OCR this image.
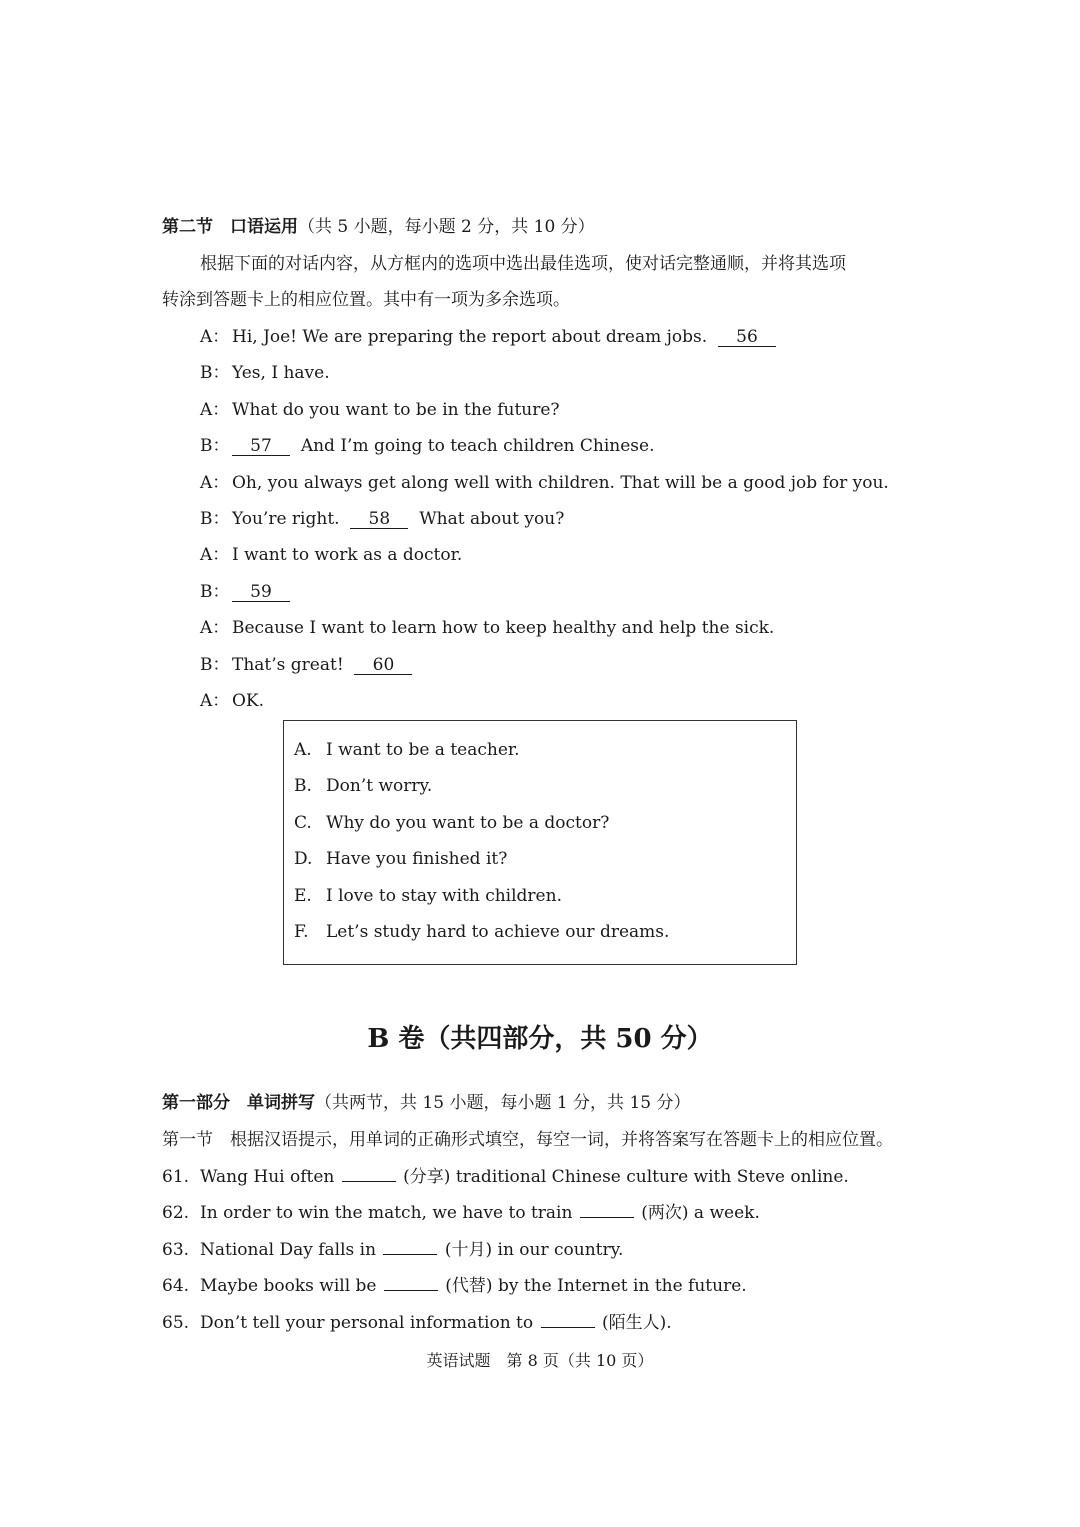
第二节　口语运用（共 5 小题，每小题 2 分，共 10 分）
根据下面的对话内容，从方框内的选项中选出最佳选项，使对话完整通顺，并将其选项
转涂到答题卡上的相应位置。其中有一项为多余选项。
A： Hi, Joe! We are preparing the report about dream jobs. 56
B： Yes, I have.
A： What do you want to be in the future?
B： 57 And I’m going to teach children Chinese.
A： Oh, you always get along well with children. That will be a good job for you.
B： You’re right. 58 What about you?
A： I want to work as a doctor.
B： 59
A： Because I want to learn how to keep healthy and help the sick.
B： That’s great! 60
A： OK.
A. I want to be a teacher.
B. Don’t worry.
C. Why do you want to be a doctor?
D. Have you finished it?
E. I love to stay with children.
F. Let’s study hard to achieve our dreams.
B 卷（共四部分，共 50 分）
第一部分　单词拼写（共两节，共 15 小题，每小题 1 分，共 15 分）
第一节　根据汉语提示，用单词的正确形式填空，每空一词，并将答案写在答题卡上的相应位置。
61. Wang Hui often	(分享) traditional Chinese culture with Steve online.
62. In order to win the match, we have to train	(两次) a week.
63. National Day falls in	(十月) in our country.
64. Maybe books will be	(代替) by the Internet in the future.
65. Don’t tell your personal information to	(陌生人).
英语试题　第 8 页（共 10 页）
